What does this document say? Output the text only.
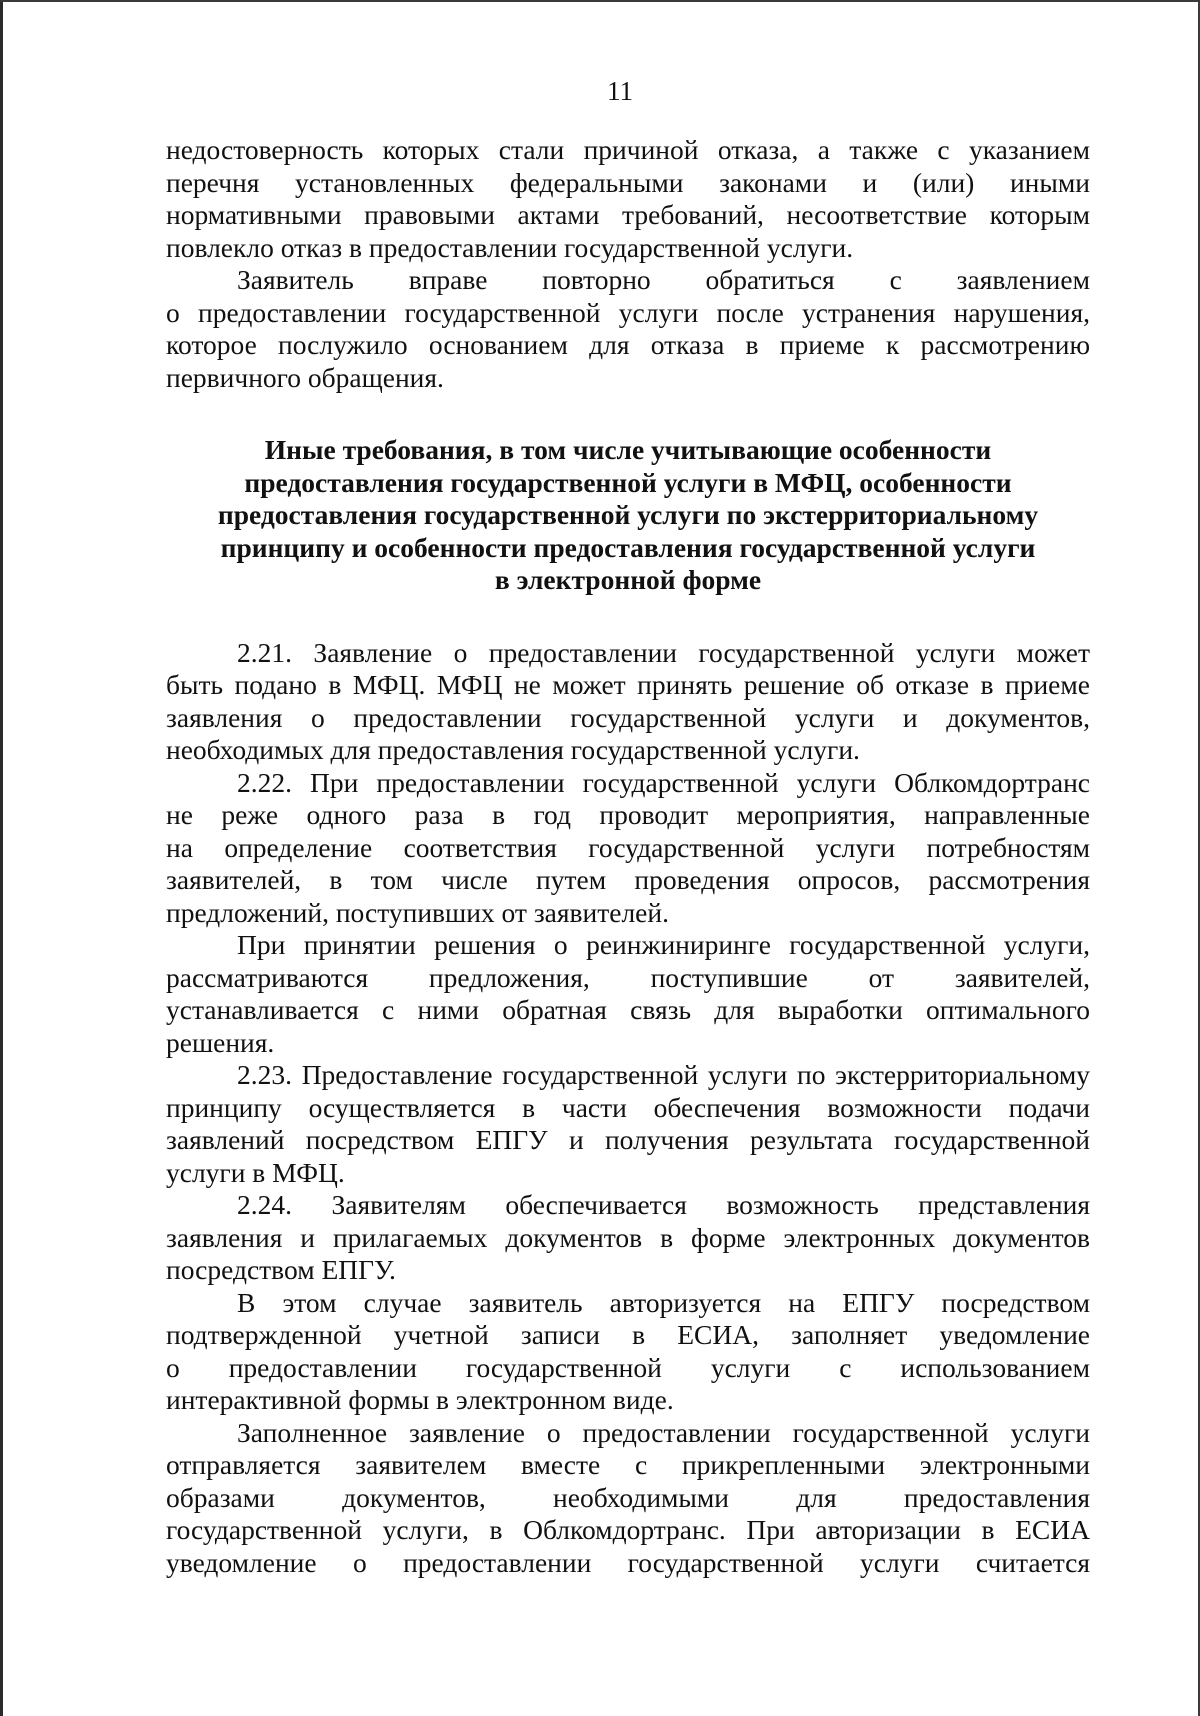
11
недостоверность которых стали причиной отказа, а также с указанием
перечня установленных федеральными законами и (или) иными
нормативными правовыми актами требований, несоответствие которым
повлекло отказ в предоставлении государственной услуги.
Заявитель вправе повторно обратиться с заявлением
о предоставлении государственной услуги после устранения нарушения,
которое послужило основанием для отказа в приеме к рассмотрению
первичного обращения.
Иные требования, в том числе учитывающие особенности
предоставления государственной услуги в МФЦ, особенности
предоставления государственной услуги по экстерриториальному
принципу и особенности предоставления государственной услуги
в электронной форме
2.21. Заявление о предоставлении государственной услуги может
быть подано в МФЦ. МФЦ не может принять решение об отказе в приеме
заявления о предоставлении государственной услуги и документов,
необходимых для предоставления государственной услуги.
2.22. При предоставлении государственной услуги Облкомдортранс
не реже одного раза в год проводит мероприятия, направленные
на определение соответствия государственной услуги потребностям
заявителей, в том числе путем проведения опросов, рассмотрения
предложений, поступивших от заявителей.
При принятии решения о реинжиниринге государственной услуги,
рассматриваются предложения, поступившие от заявителей,
устанавливается с ними обратная связь для выработки оптимального
решения.
2.23. Предоставление государственной услуги по экстерриториальному
принципу осуществляется в части обеспечения возможности подачи
заявлений посредством ЕПГУ и получения результата государственной
услуги в МФЦ.
2.24. Заявителям обеспечивается возможность представления
заявления и прилагаемых документов в форме электронных документов
посредством ЕПГУ.
В этом случае заявитель авторизуется на ЕПГУ посредством
подтвержденной учетной записи в ЕСИА, заполняет уведомление
о предоставлении государственной услуги с использованием
интерактивной формы в электронном виде.
Заполненное заявление о предоставлении государственной услуги
отправляется заявителем вместе с прикрепленными электронными
образами документов, необходимыми для предоставления
государственной услуги, в Облкомдортранс. При авторизации в ЕСИА
уведомление о предоставлении государственной услуги считается
